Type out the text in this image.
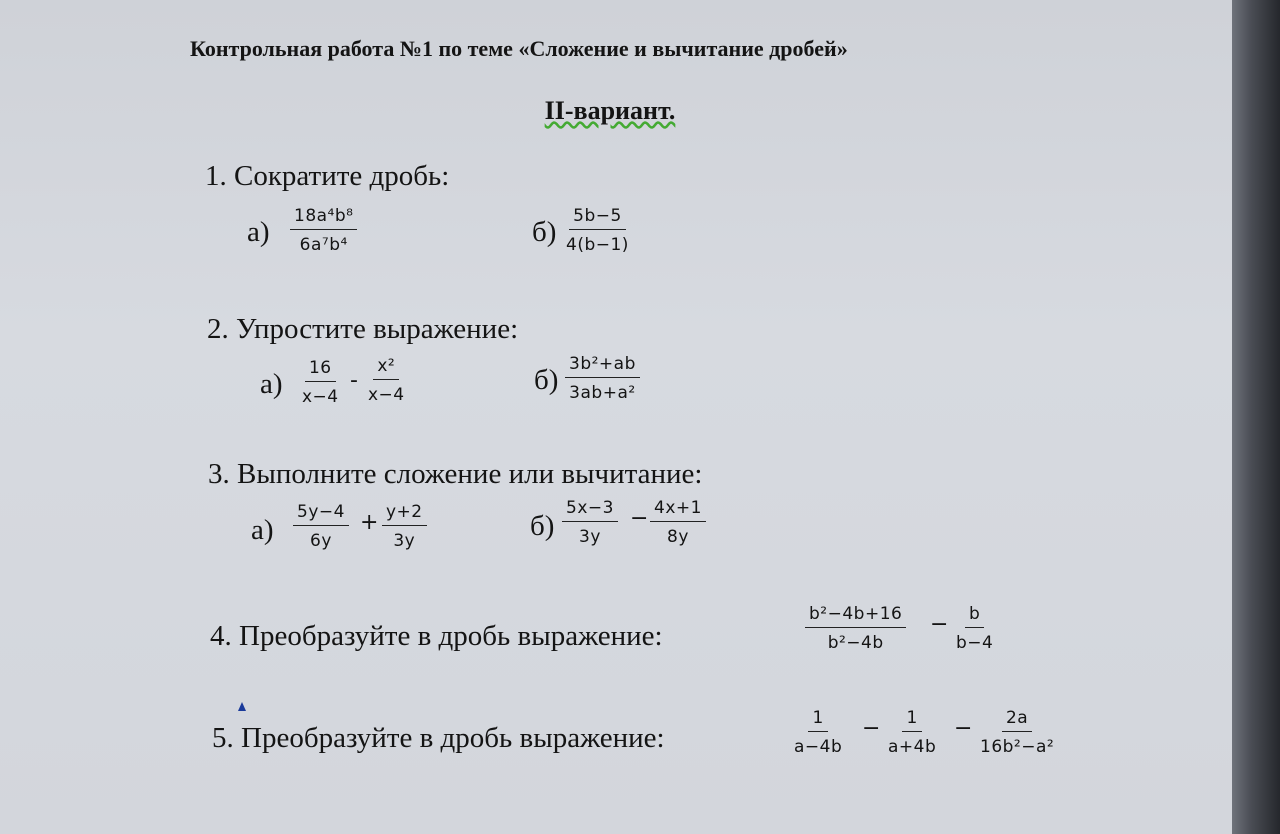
Контрольная работа №1 по теме «Сложение и вычитание дробей»
II-вариант.
1. Сократите дробь:
$а) \frac{\text{18a⁴b⁸}}{\text{6a⁷b⁴}}$	$б) \frac{5b-5}{4(b-1)}$
2. Упростите выражение:
$а) \frac{16}{x-4} - \frac{\text{x²}}{x-4}$	$б) \frac{\text{3b²+ab}}{\text{3ab+a²}}$
3. Выполните сложение или вычитание:
$а) \frac{5y-4}{6y} + \frac{y+2}{3y}$	$б) \frac{5x-3}{3y} - \frac{4x+1}{8y}$
4. Преобразуйте в дробь выражение:	$\frac{\text{b²−4b+16}}{\text{b²−4b}} - \frac{b}{b-4}$
5. Преобразуйте в дробь выражение:	$\frac{1}{a-4b} - \frac{1}{a+4b} - \frac{2a}{\text{16b²−a²}}$
